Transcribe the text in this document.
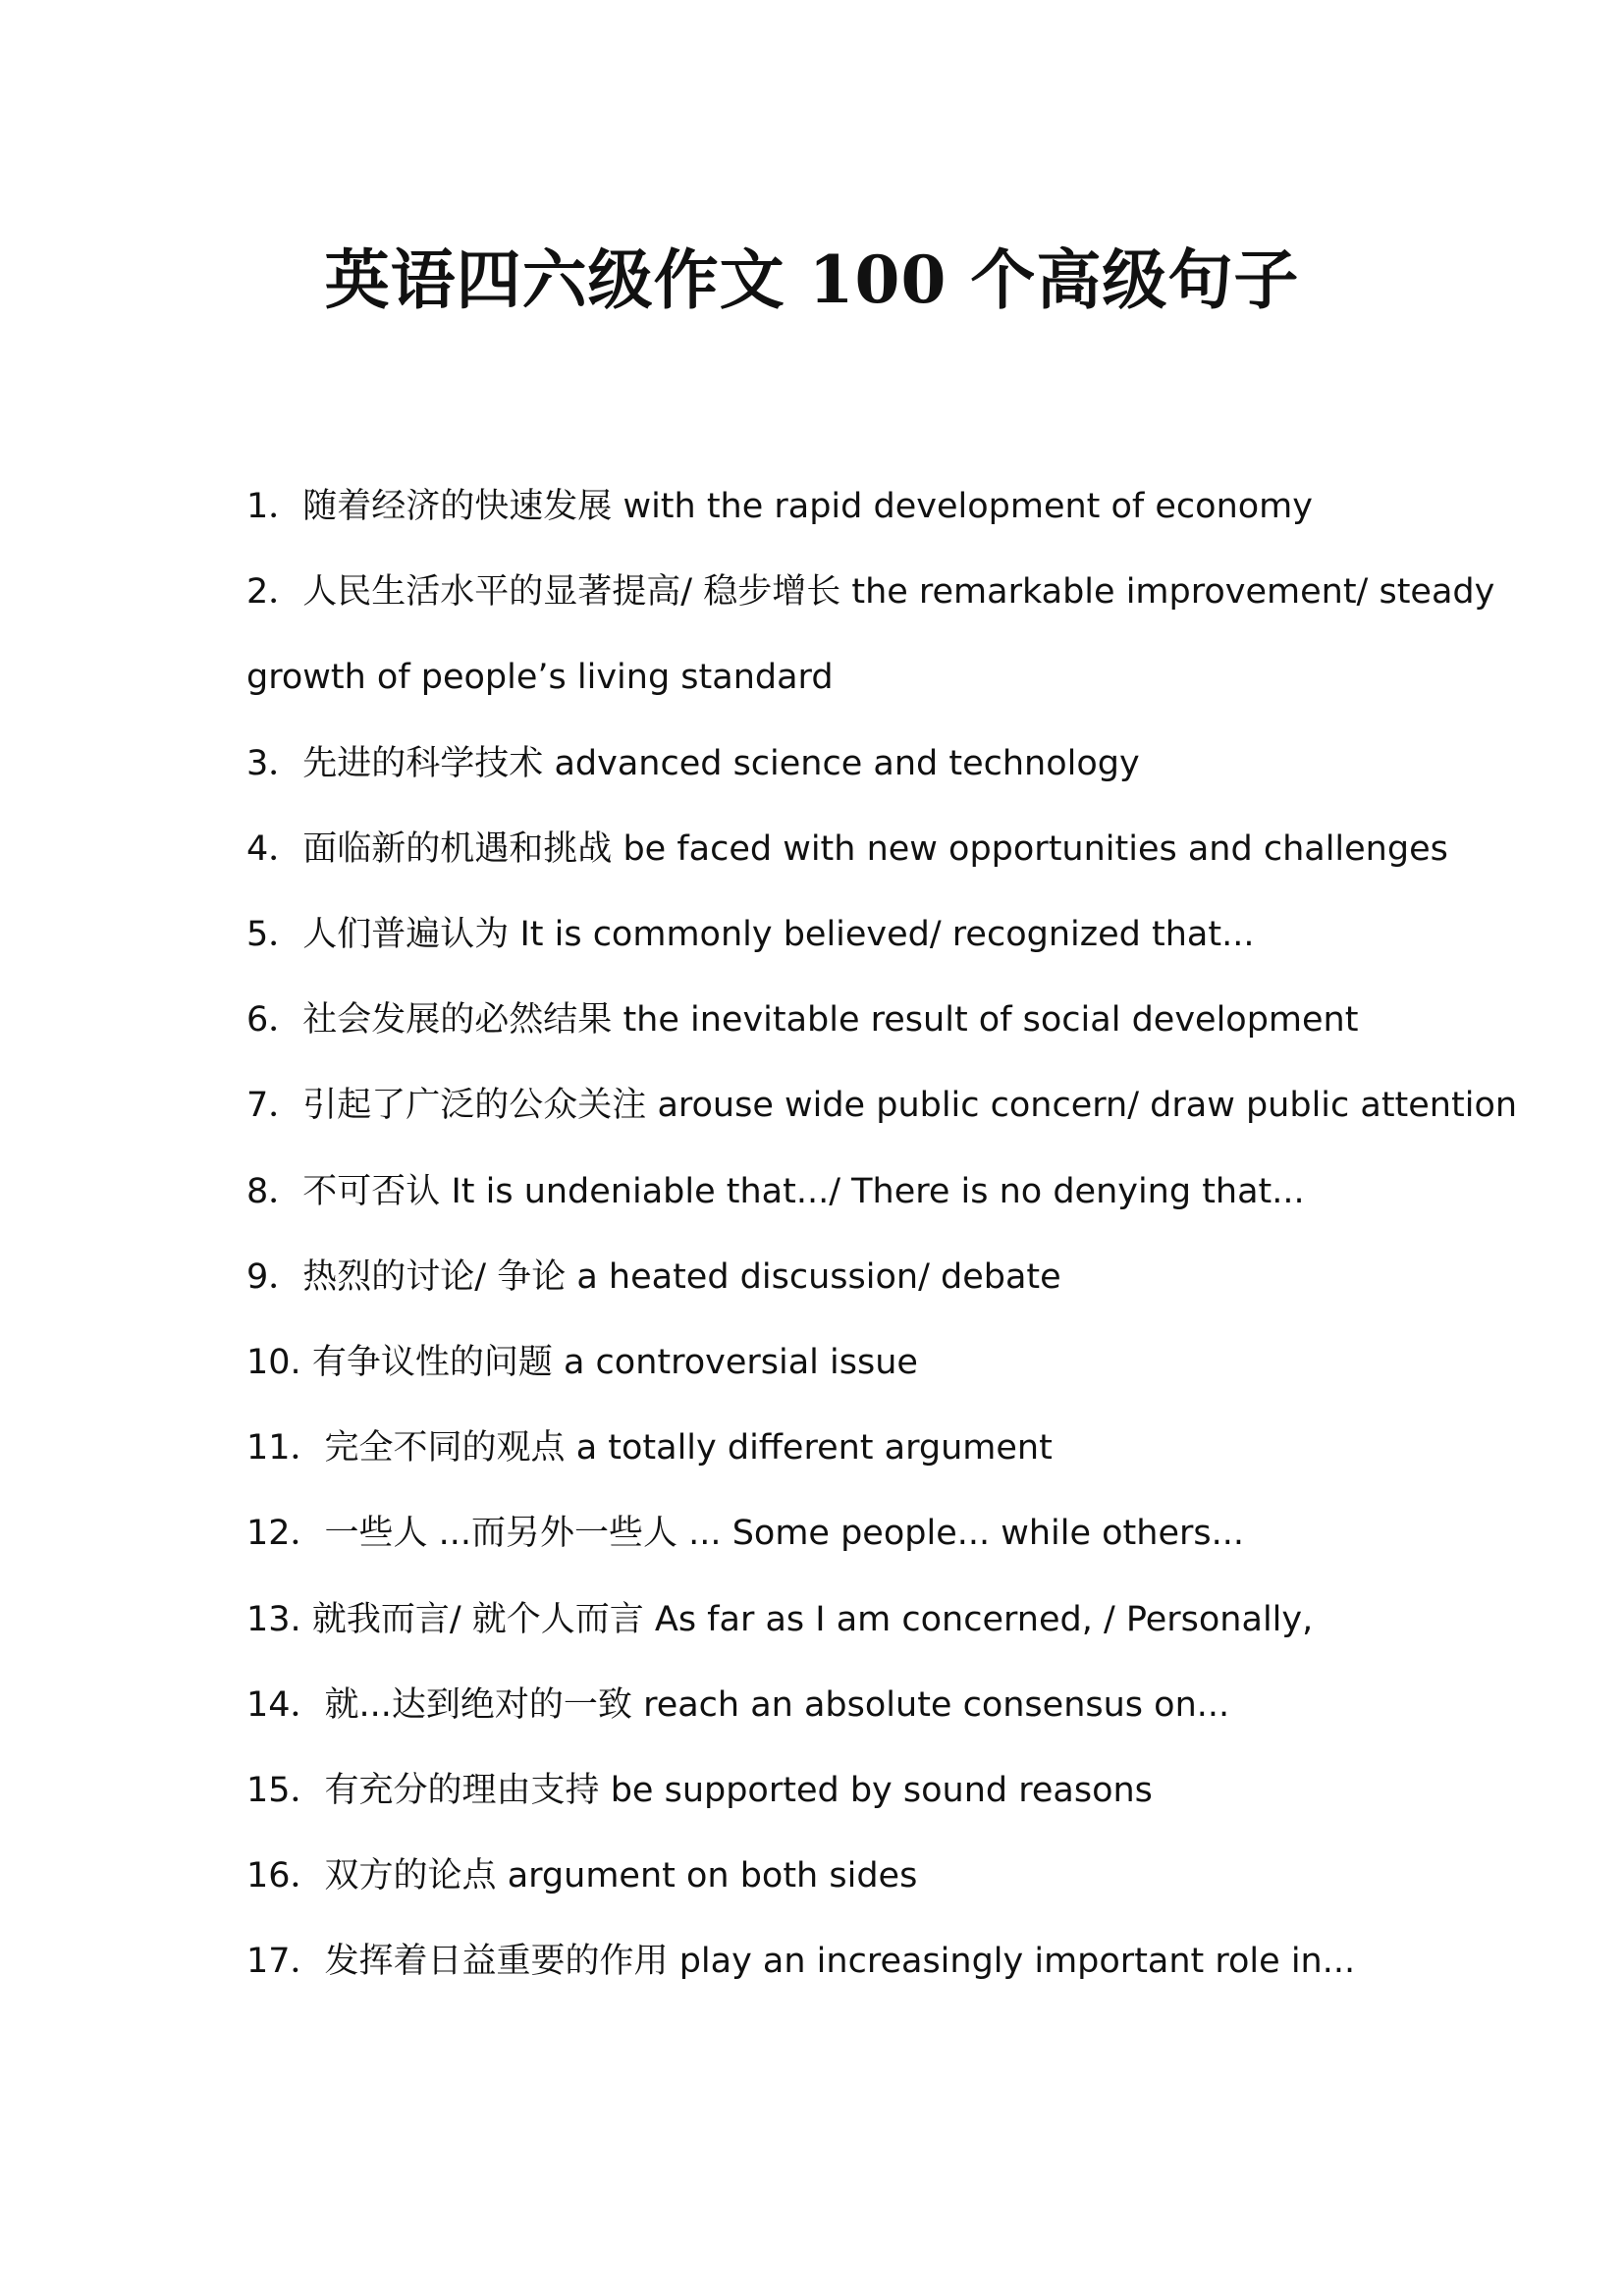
英语四六级作文 100 个高级句子
1．随着经济的快速发展 with the rapid development of economy
2．人民生活水平的显著提高/ 稳步增长 the remarkable improvement/ steady growth of people’s living standard
3．先进的科学技术 advanced science and technology
4．面临新的机遇和挑战 be faced with new opportunities and challenges
5．人们普遍认为 It is commonly believed/ recognized that...
6．社会发展的必然结果 the inevitable result of social development
7．引起了广泛的公众关注 arouse wide public concern/ draw public attention
8．不可否认 It is undeniable that.../ There is no denying that...
9．热烈的讨论/ 争论 a heated discussion/ debate
10. 有争议性的问题 a controversial issue
11．完全不同的观点 a totally different argument
12．一些人 ...而另外一些人 ... Some people... while others...
13. 就我而言/ 就个人而言 As far as I am concerned, / Personally,
14．就...达到绝对的一致 reach an absolute consensus on...
15．有充分的理由支持 be supported by sound reasons
16．双方的论点 argument on both sides
17．发挥着日益重要的作用 play an increasingly important role in...
